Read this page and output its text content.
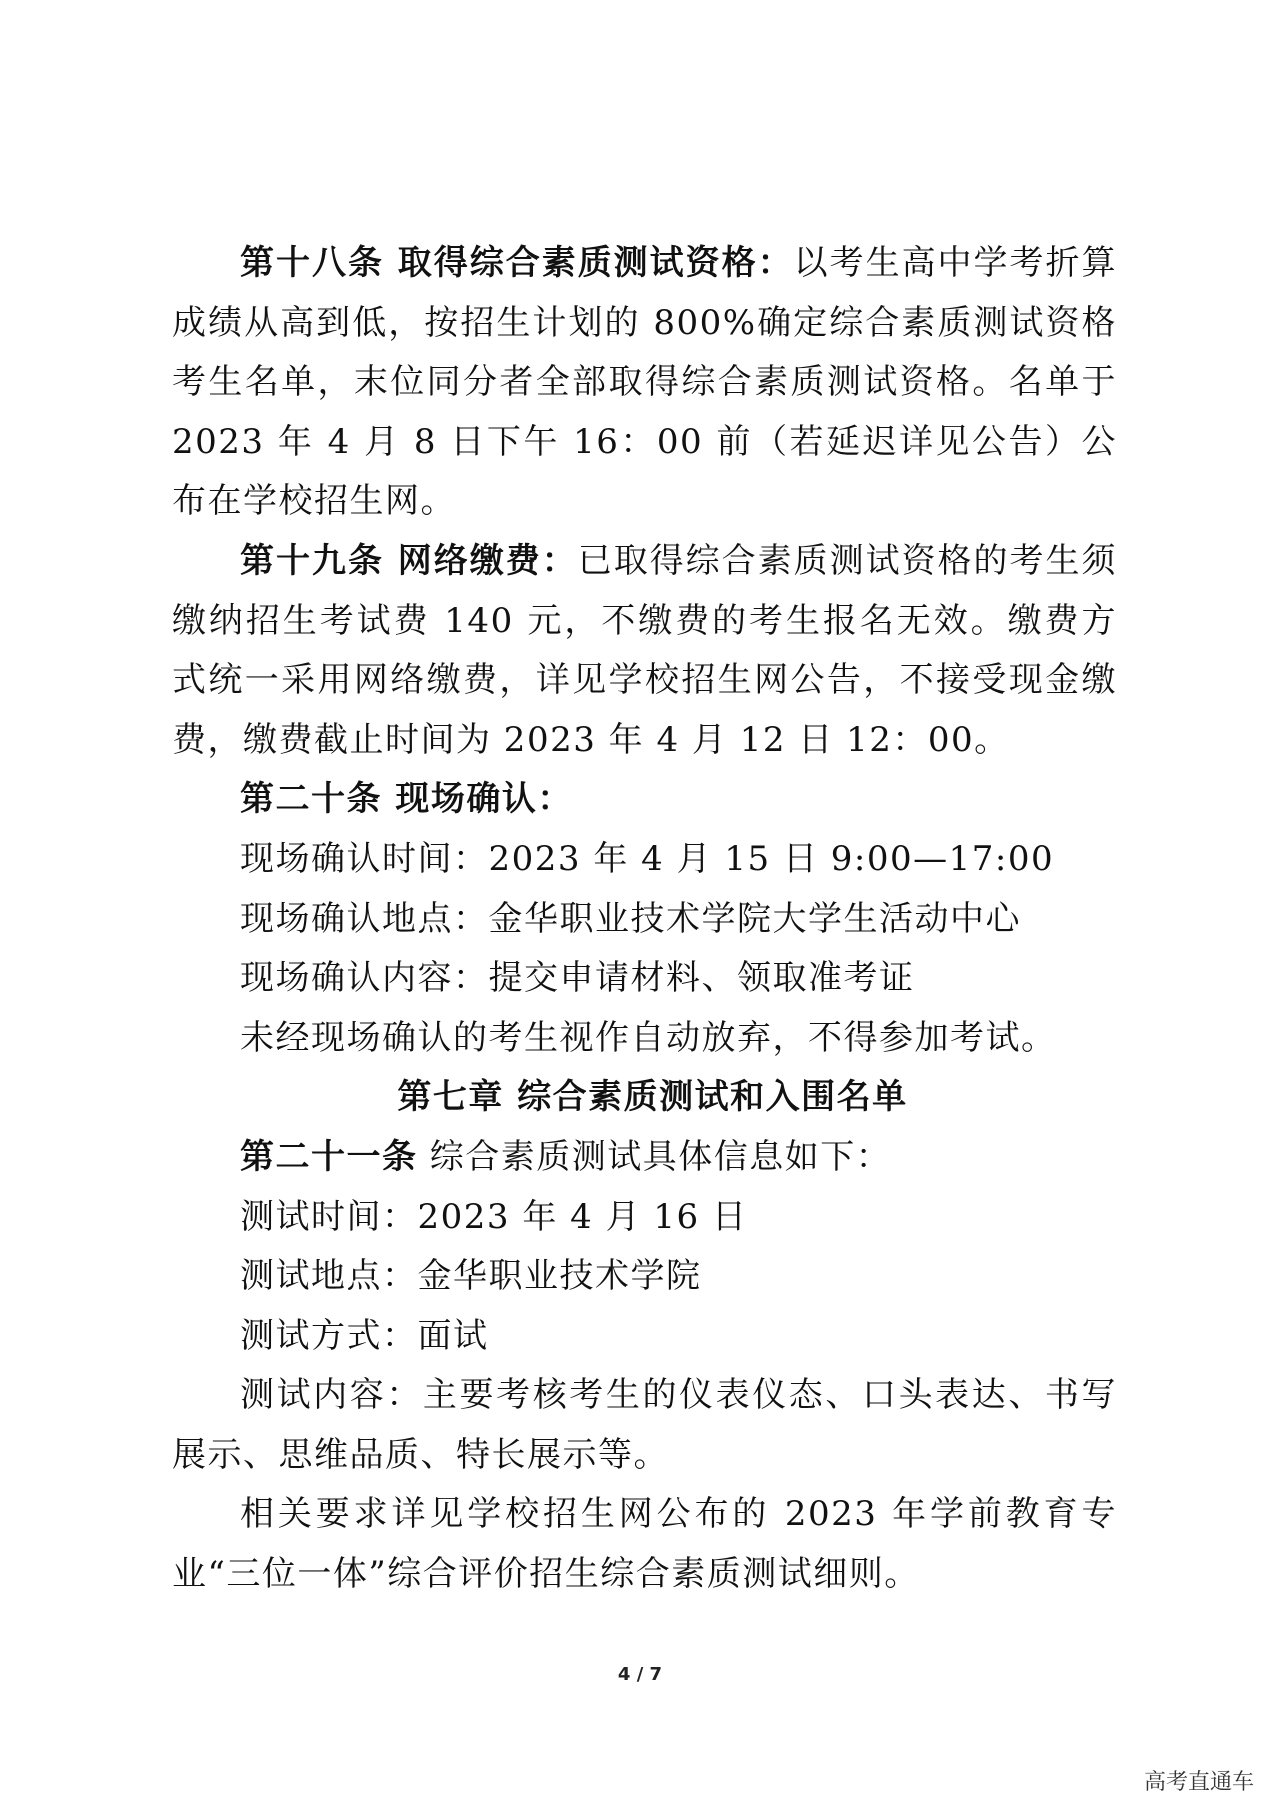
第十八条 取得综合素质测试资格：以考生高中学考折算成绩从高到低，按招生计划的 800%确定综合素质测试资格考生名单，末位同分者全部取得综合素质测试资格。名单于 2023 年 4 月 8 日下午 16：00 前（若延迟详见公告）公布在学校招生网。

第十九条 网络缴费：已取得综合素质测试资格的考生须缴纳招生考试费 140 元，不缴费的考生报名无效。缴费方式统一采用网络缴费，详见学校招生网公告，不接受现金缴费，缴费截止时间为 2023 年 4 月 12 日 12：00。

第二十条 现场确认：

现场确认时间：2023 年 4 月 15 日 9:00—17:00

现场确认地点：金华职业技术学院大学生活动中心

现场确认内容：提交申请材料、领取准考证

未经现场确认的考生视作自动放弃，不得参加考试。

第七章 综合素质测试和入围名单

第二十一条 综合素质测试具体信息如下：

测试时间：2023 年 4 月 16 日

测试地点：金华职业技术学院

测试方式：面试

测试内容：主要考核考生的仪表仪态、口头表达、书写展示、思维品质、特长展示等。

相关要求详见学校招生网公布的 2023 年学前教育专业“三位一体”综合评价招生综合素质测试细则。

4 / 7
高考直通车
